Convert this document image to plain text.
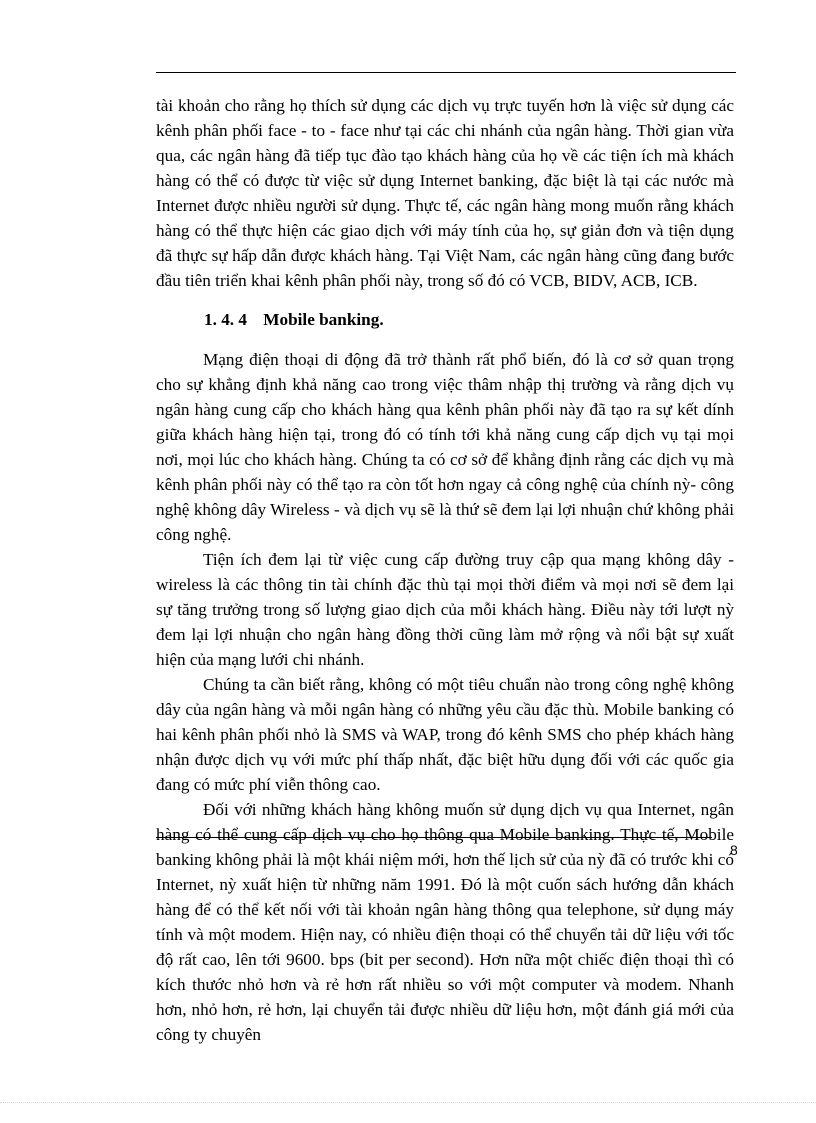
tài khoản cho rằng họ thích sử dụng các dịch vụ trực tuyến hơn là việc sử dụng các kênh phân phối face - to - face như tại các chi nhánh của ngân hàng. Thời gian vừa qua, các ngân hàng đã tiếp tục đào tạo khách hàng của họ về các tiện ích mà khách hàng có thể có được từ việc sử dụng Internet banking, đặc biệt là tại các nước mà Internet được nhiều người sử dụng. Thực tế, các ngân hàng mong muốn rằng khách hàng có thể thực hiện các giao dịch với máy tính của họ, sự giản đơn và tiện dụng đã thực sự hấp dẫn được khách hàng. Tại Việt Nam, các ngân hàng cũng đang bước đầu tiên triển khai kênh phân phối này, trong số đó có VCB, BIDV, ACB, ICB.

1. 4. 4 Mobile banking.

Mạng điện thoại di động đã trở thành rất phổ biến, đó là cơ sở quan trọng cho sự khẳng định khả năng cao trong việc thâm nhập thị trường và rằng dịch vụ ngân hàng cung cấp cho khách hàng qua kênh phân phối này đã tạo ra sự kết dính giữa khách hàng hiện tại, trong đó có tính tới khả năng cung cấp dịch vụ tại mọi nơi, mọi lúc cho khách hàng. Chúng ta có cơ sở để khẳng định rằng các dịch vụ mà kênh phân phối này có thể tạo ra còn tốt hơn ngay cả công nghệ của chính nỳ- công nghệ không dây Wireless - và dịch vụ sẽ là thứ sẽ đem lại lợi nhuận chứ không phải công nghệ.

Tiện ích đem lại từ việc cung cấp đường truy cập qua mạng không dây - wireless là các thông tin tài chính đặc thù tại mọi thời điểm và mọi nơi sẽ đem lại sự tăng trưởng trong số lượng giao dịch của mỗi khách hàng. Điều này tới lượt nỳ đem lại lợi nhuận cho ngân hàng đồng thời cũng làm mở rộng và nổi bật sự xuất hiện của mạng lưới chi nhánh.

Chúng ta cần biết rằng, không có một tiêu chuẩn nào trong công nghệ không dây của ngân hàng và mỗi ngân hàng có những yêu cầu đặc thù. Mobile banking có hai kênh phân phối nhỏ là SMS và WAP, trong đó kênh SMS cho phép khách hàng nhận được dịch vụ với mức phí thấp nhất, đặc biệt hữu dụng đối với các quốc gia đang có mức phí viễn thông cao.

Đối với những khách hàng không muốn sử dụng dịch vụ qua Internet, ngân hàng có thể cung cấp dịch vụ cho họ thông qua Mobile banking. Thực tế, Mobile banking không phải là một khái niệm mới, hơn thế lịch sử của nỳ đã có trước khi có Internet, nỳ xuất hiện từ những năm 1991. Đó là một cuốn sách hướng dẫn khách hàng để có thể kết nối với tài khoản ngân hàng thông qua telephone, sử dụng máy tính và một modem. Hiện nay, có nhiều điện thoại có thể chuyển tải dữ liệu với tốc độ rất cao, lên tới 9600. bps (bit per second). Hơn nữa một chiếc điện thoại thì có kích thước nhỏ hơn và rẻ hơn rất nhiều so với một computer và modem. Nhanh hơn, nhỏ hơn, rẻ hơn, lại chuyển tải được nhiều dữ liệu hơn, một đánh giá mới của công ty chuyên

8
